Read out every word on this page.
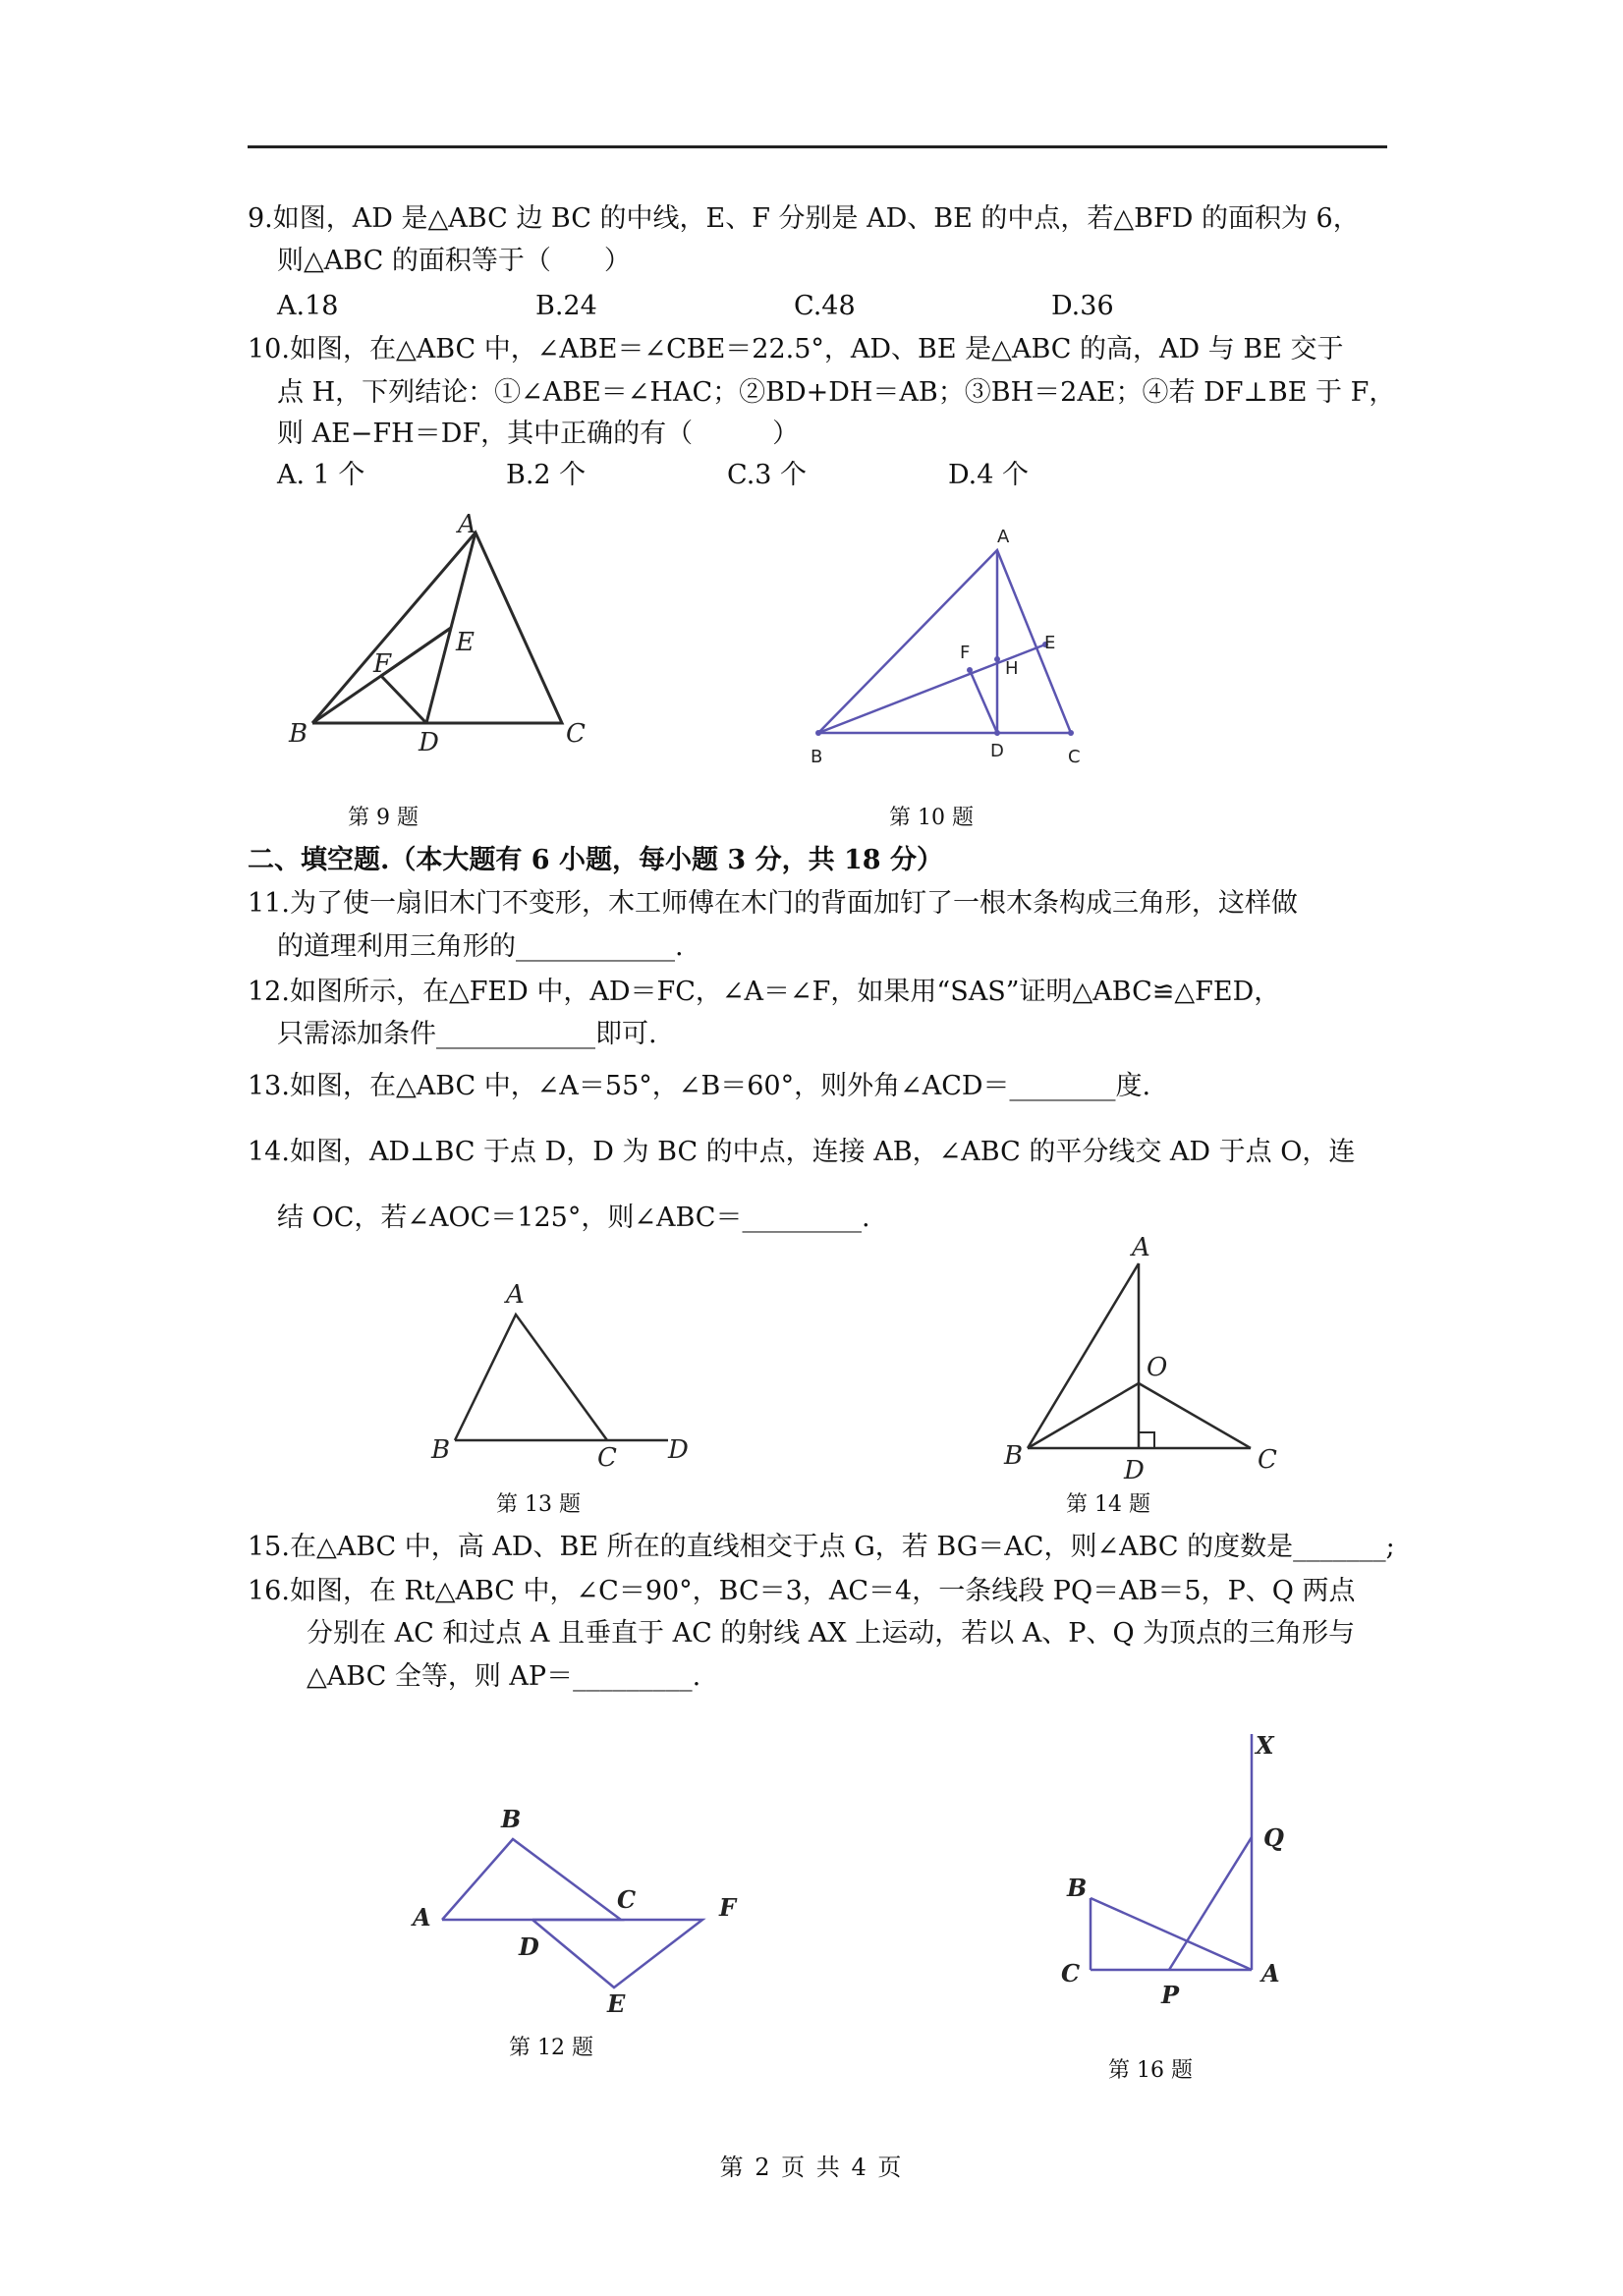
9.如图，AD 是△ABC 边 BC 的中线，E、F 分别是 AD、BE 的中点，若△BFD 的面积为 6，
则△ABC 的面积等于（　　）
A.18	B.24	C.48	D.36
10.如图，在△ABC 中，∠ABE＝∠CBE＝22.5°，AD、BE 是△ABC 的高，AD 与 BE 交于
点 H，下列结论：①∠ABE＝∠HAC；②BD+DH＝AB；③BH＝2AE；④若 DF⊥BE 于 F，
则 AE−FH＝DF，其中正确的有（　　　）
A. 1 个	B.2 个	C.3 个	D.4 个
A
B	C
D
E
F
第 9 题
A
B	C
D
E
F
H
第 10 题
二、填空题.（本大题有 6 小题，每小题 3 分，共 18 分）
11.为了使一扇旧木门不变形，木工师傅在木门的背面加钉了一根木条构成三角形，这样做
的道理利用三角形的____________.
12.如图所示，在△FED 中，AD＝FC，∠A＝∠F，如果用“SAS”证明△ABC≌△FED，
只需添加条件____________即可.
13.如图，在△ABC 中，∠A＝55°，∠B＝60°，则外角∠ACD＝________度.
14.如图，AD⊥BC 于点 D，D 为 BC 的中点，连接 AB，∠ABC 的平分线交 AD 于点 O，连
结 OC，若∠AOC＝125°，则∠ABC＝_________.
A
B	C D
第 13 题
A
B	C
D
O
第 14 题
15.在△ABC 中，高 AD、BE 所在的直线相交于点 G，若 BG＝AC，则∠ABC 的度数是_______;
16.如图，在 Rt△ABC 中，∠C＝90°，BC＝3，AC＝4，一条线段 PQ＝AB＝5，P、Q 两点
分别在 AC 和过点 A 且垂直于 AC 的射线 AX 上运动，若以 A、P、Q 为顶点的三角形与
△ABC 全等，则 AP＝_________.
A
B
C
D
E
F
第 12 题
X
Q
B
C
P
A
第 16 题
第 2 页 共 4 页
